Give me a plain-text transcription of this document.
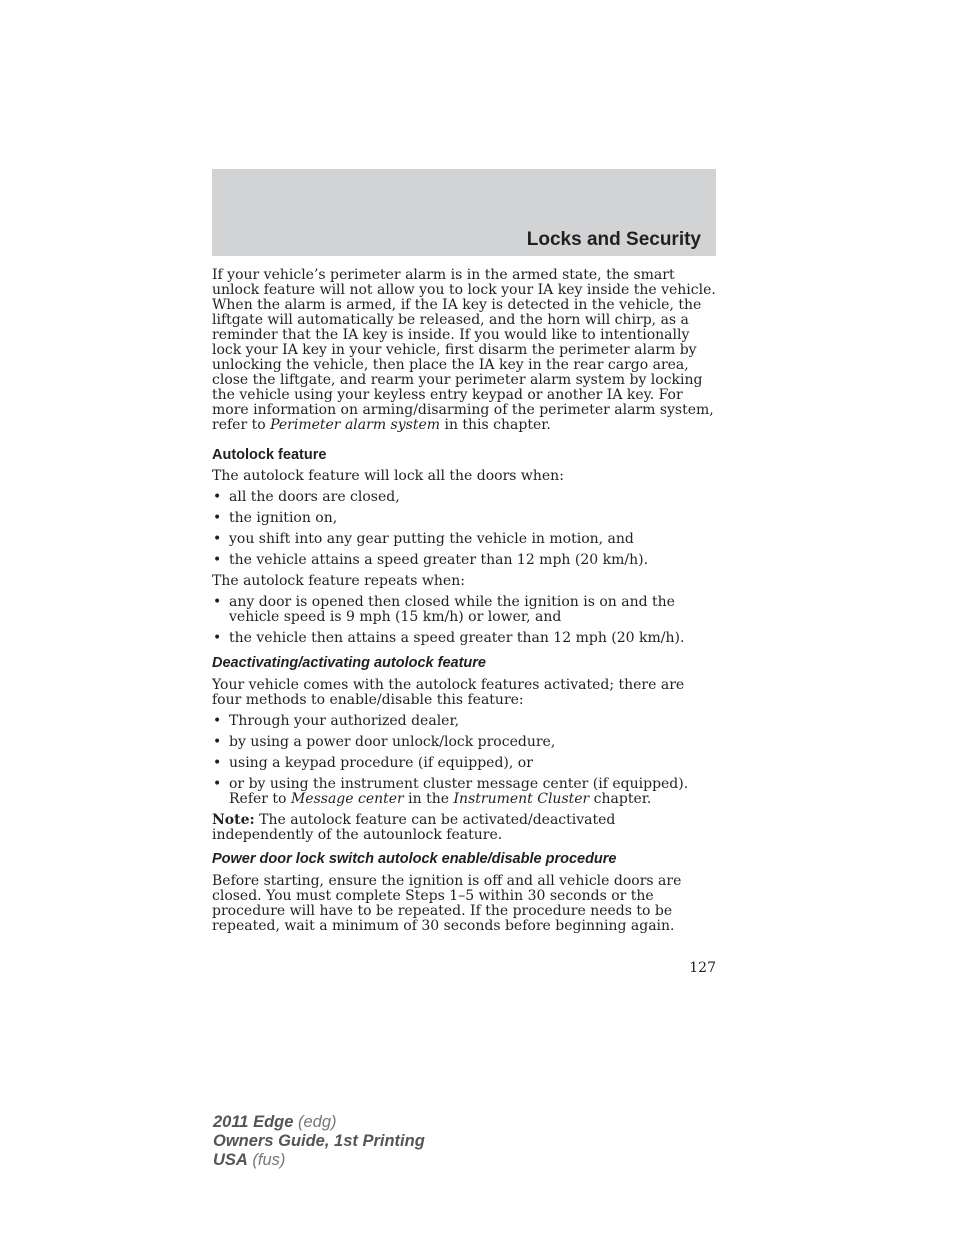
Locks and Security

If your vehicle’s perimeter alarm is in the armed state, the smart unlock feature will not allow you to lock your IA key inside the vehicle. When the alarm is armed, if the IA key is detected in the vehicle, the liftgate will automatically be released, and the horn will chirp, as a reminder that the IA key is inside. If you would like to intentionally lock your IA key in your vehicle, first disarm the perimeter alarm by unlocking the vehicle, then place the IA key in the rear cargo area, close the liftgate, and rearm your perimeter alarm system by locking the vehicle using your keyless entry keypad or another IA key. For more information on arming/disarming of the perimeter alarm system, refer to Perimeter alarm system in this chapter.

Autolock feature

The autolock feature will lock all the doors when:

• all the doors are closed,
• the ignition on,
• you shift into any gear putting the vehicle in motion, and
• the vehicle attains a speed greater than 12 mph (20 km/h).

The autolock feature repeats when:

• any door is opened then closed while the ignition is on and the vehicle speed is 9 mph (15 km/h) or lower, and
• the vehicle then attains a speed greater than 12 mph (20 km/h).
Deactivating/activating autolock feature

Your vehicle comes with the autolock features activated; there are four methods to enable/disable this feature:

• Through your authorized dealer,
• by using a power door unlock/lock procedure,
• using a keypad procedure (if equipped), or
• or by using the instrument cluster message center (if equipped). Refer to Message center in the Instrument Cluster chapter.

Note: The autolock feature can be activated/deactivated independently of the autounlock feature.

Power door lock switch autolock enable/disable procedure

Before starting, ensure the ignition is off and all vehicle doors are closed. You must complete Steps 1–5 within 30 seconds or the procedure will have to be repeated. If the procedure needs to be repeated, wait a minimum of 30 seconds before beginning again.

127
2011 Edge (edg)
Owners Guide, 1st Printing
USA (fus)
